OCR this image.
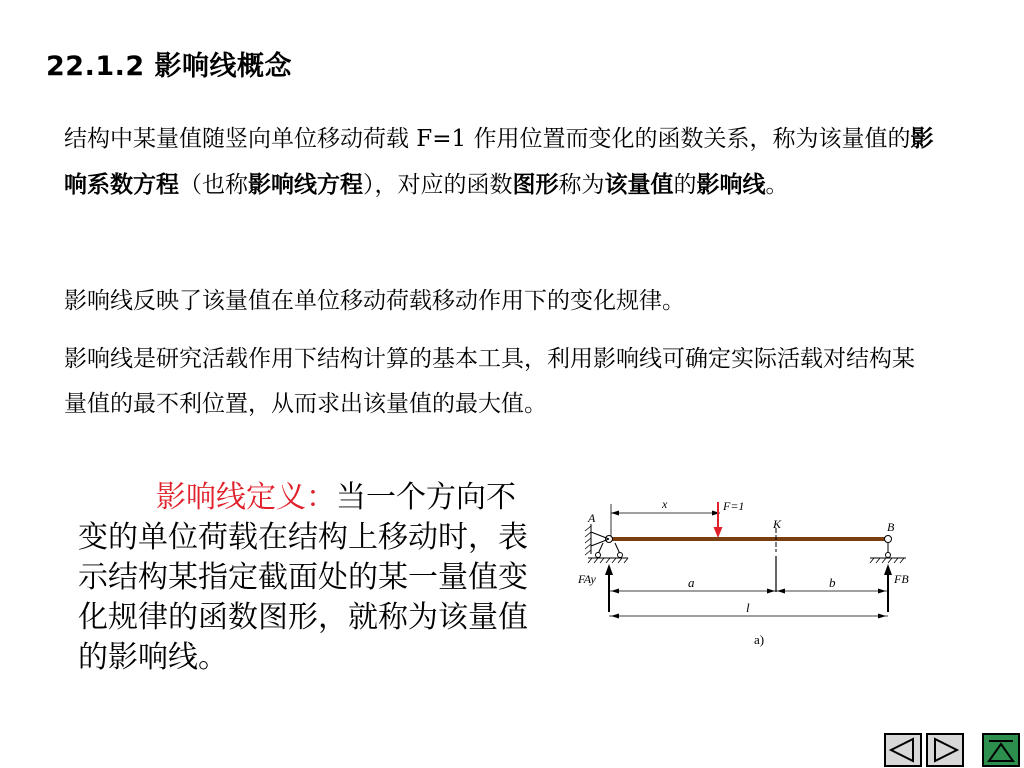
22.1.2 影响线概念
结构中某量值随竖向单位移动荷载 F=1 作用位置而变化的函数关系，称为该量值的影响系数方程（也称影响线方程），对应的函数图形称为该量值的影响线。
影响线反映了该量值在单位移动荷载移动作用下的变化规律。
影响线是研究活载作用下结构计算的基本工具，利用影响线可确定实际活载对结构某量值的最不利位置，从而求出该量值的最大值。
影响线定义：当一个方向不变的单位荷载在结构上移动时，表示结构某指定截面处的某一量值变化规律的函数图形，就称为该量值的影响线。
x	F=1
K
A
B
FAy	FB
a	b
l
a)
